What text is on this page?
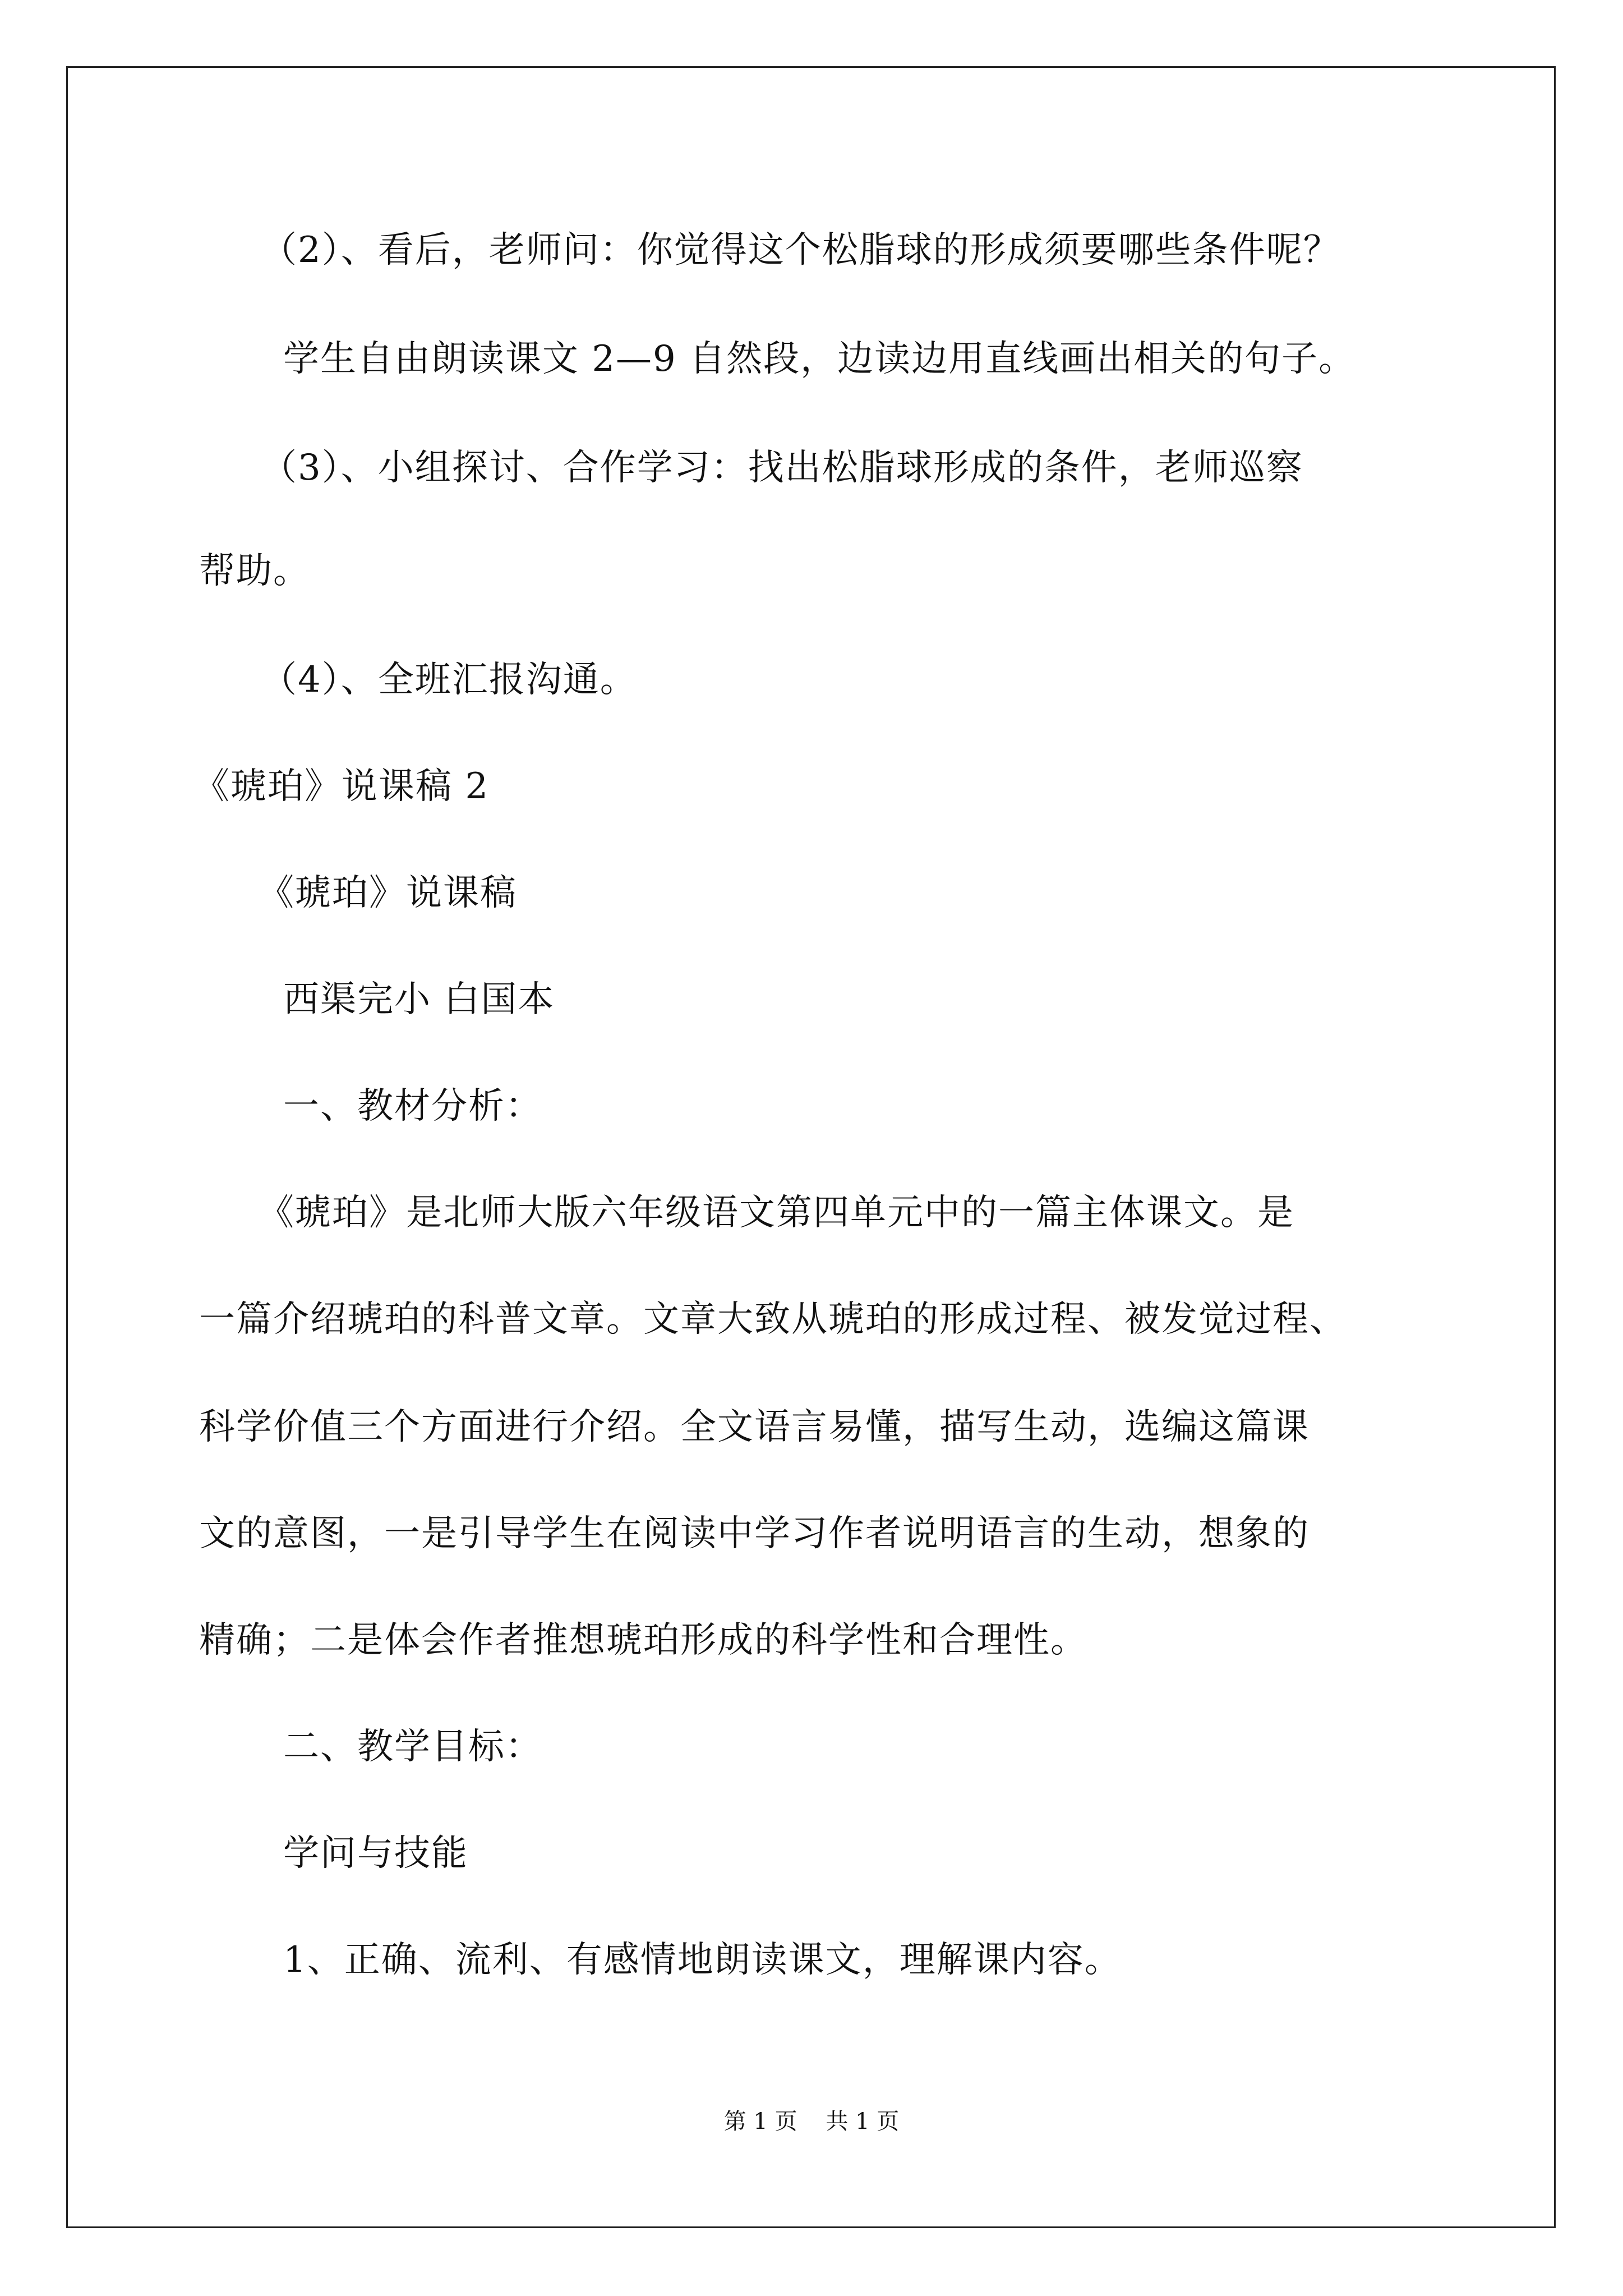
（2）、看后，老师问：你觉得这个松脂球的形成须要哪些条件呢？

学生自由朗读课文 2—9 自然段，边读边用直线画出相关的句子。

（3）、小组探讨、合作学习：找出松脂球形成的条件，老师巡察

帮助。

（4）、全班汇报沟通。

《琥珀》说课稿 2

《琥珀》说课稿

西渠完小 白国本

一、教材分析：

《琥珀》是北师大版六年级语文第四单元中的一篇主体课文。是

一篇介绍琥珀的科普文章。文章大致从琥珀的形成过程、被发觉过程、

科学价值三个方面进行介绍。全文语言易懂，描写生动，选编这篇课

文的意图，一是引导学生在阅读中学习作者说明语言的生动，想象的

精确；二是体会作者推想琥珀形成的科学性和合理性。

二、教学目标：

学问与技能

1、正确、流利、有感情地朗读课文，理解课内容。

第 1 页    共 1 页
